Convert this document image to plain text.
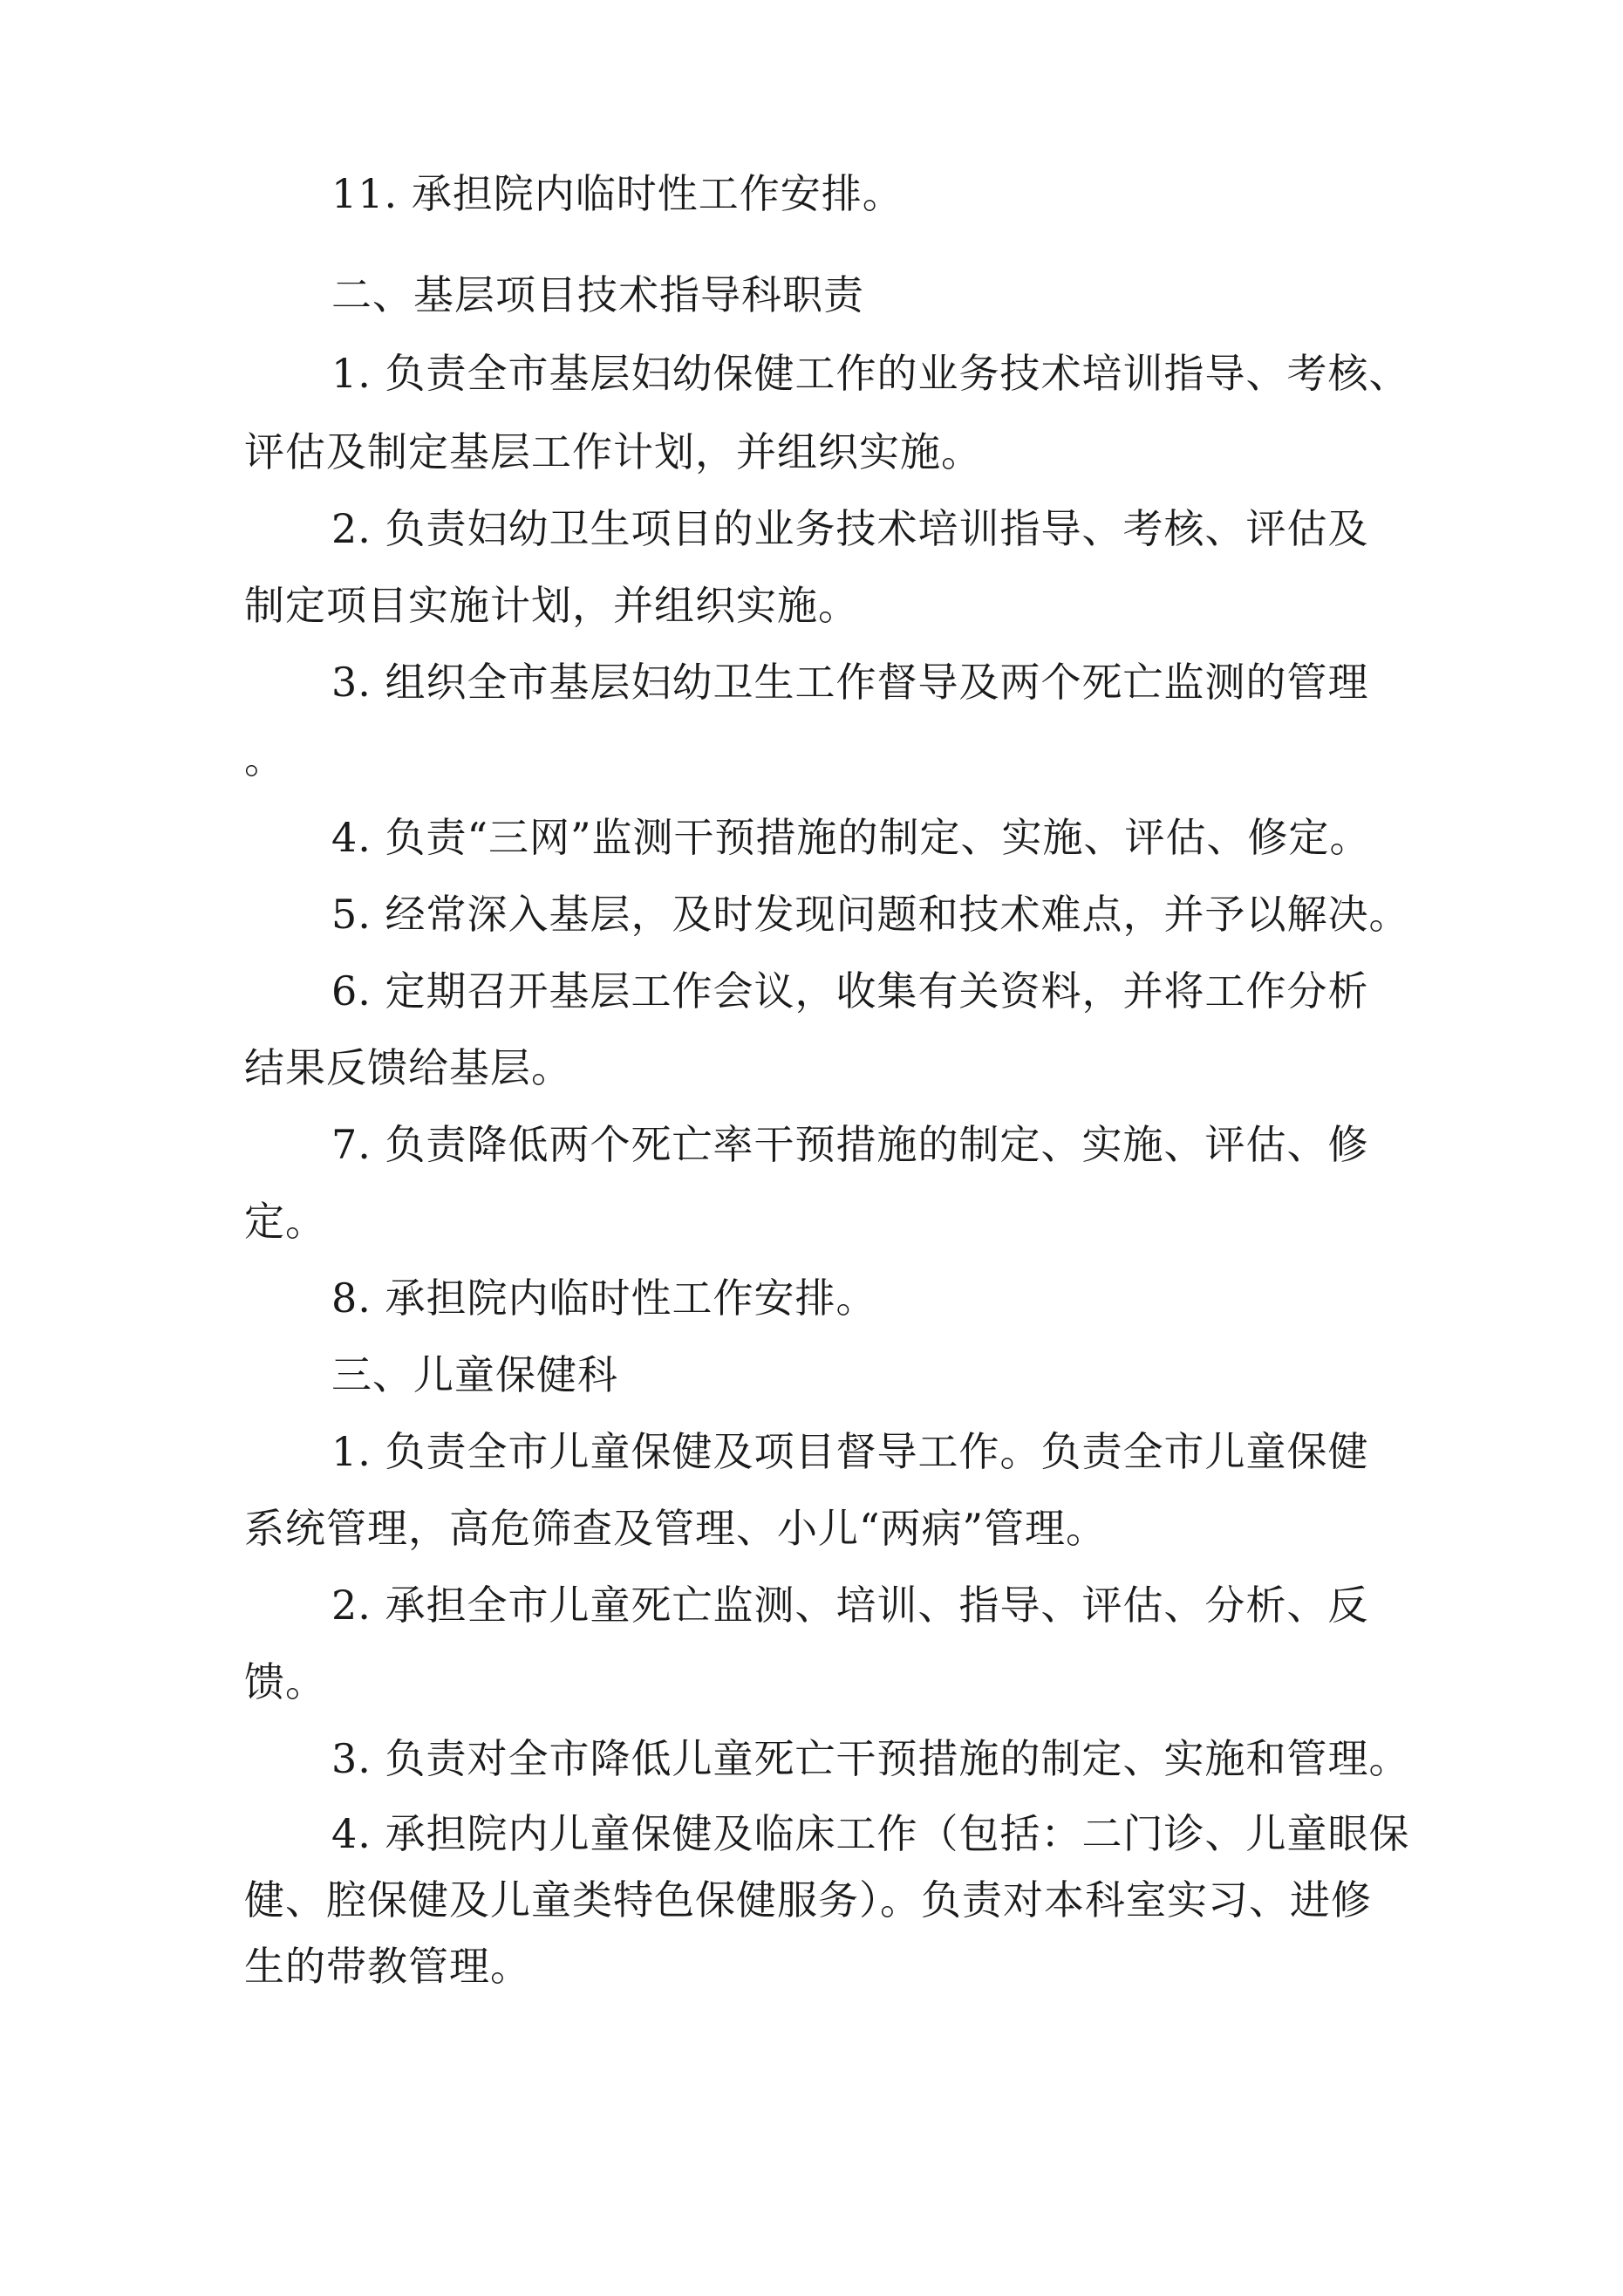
11. 承担院内临时性工作安排。
二、基层项目技术指导科职责
1. 负责全市基层妇幼保健工作的业务技术培训指导、考核、
评估及制定基层工作计划，并组织实施。
2. 负责妇幼卫生项目的业务技术培训指导、考核、评估及
制定项目实施计划，并组织实施。
3. 组织全市基层妇幼卫生工作督导及两个死亡监测的管理
。
4. 负责“三网”监测干预措施的制定、实施、评估、修定。
5. 经常深入基层，及时发现问题和技术难点，并予以解决。
6. 定期召开基层工作会议，收集有关资料，并将工作分析
结果反馈给基层。
7. 负责降低两个死亡率干预措施的制定、实施、评估、修
定。
8. 承担院内临时性工作安排。
三、儿童保健科
1. 负责全市儿童保健及项目督导工作。负责全市儿童保健
系统管理，高危筛查及管理、小儿“两病”管理。
2. 承担全市儿童死亡监测、培训、指导、评估、分析、反
馈。
3. 负责对全市降低儿童死亡干预措施的制定、实施和管理。
4. 承担院内儿童保健及临床工作（包括：二门诊、儿童眼保
健、腔保健及儿童类特色保健服务）。负责对本科室实习、进修
生的带教管理。
